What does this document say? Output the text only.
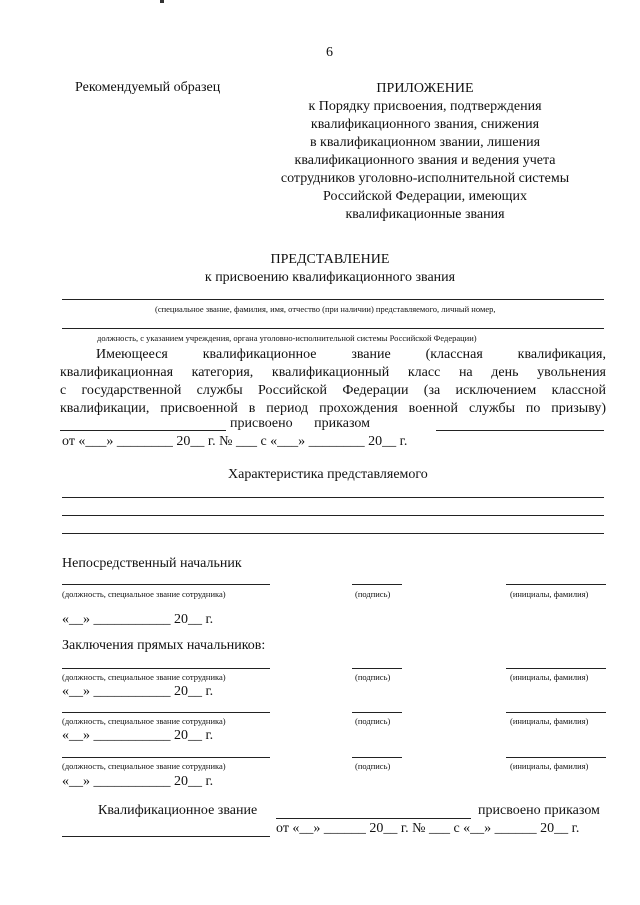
6
Рекомендуемый образец	ПРИЛОЖЕНИЕ
к Порядку присвоения, подтверждения
квалификационного звания, снижения
в квалификационном звании, лишения
квалификационного звания и ведения учета
сотрудников уголовно-исполнительной системы
Российской Федерации, имеющих
квалификационные звания
ПРЕДСТАВЛЕНИЕ
к присвоению квалификационного звания
(специальное звание, фамилия, имя, отчество (при наличии) представляемого, личный номер,
должность, с указанием учреждения, органа уголовно-исполнительной системы Российской Федерации)
Имеющееся квалификационное звание (классная квалификация,
квалификационная категория, квалификационный класс на день увольнения
с государственной службы Российской Федерации (за исключением классной
квалификации, присвоенной в период прохождения военной службы по призыву)
присвоено приказом
от «___» ________ 20__ г. № ___ с «___» ________ 20__ г.
Характеристика представляемого
Непосредственный начальник
(должность, специальное звание сотрудника)	(подпись)	(инициалы, фамилия)
«__» ___________ 20__ г.
Заключения прямых начальников:
(должность, специальное звание сотрудника)	(подпись)	(инициалы, фамилия)
«__» ___________ 20__ г.
(должность, специальное звание сотрудника)	(подпись)	(инициалы, фамилия)
«__» ___________ 20__ г.
(должность, специальное звание сотрудника)	(подпись)	(инициалы, фамилия)
«__» ___________ 20__ г.
Квалификационное звание	присвоено приказом
от «__» ______ 20__ г. № ___ с «__» ______ 20__ г.
